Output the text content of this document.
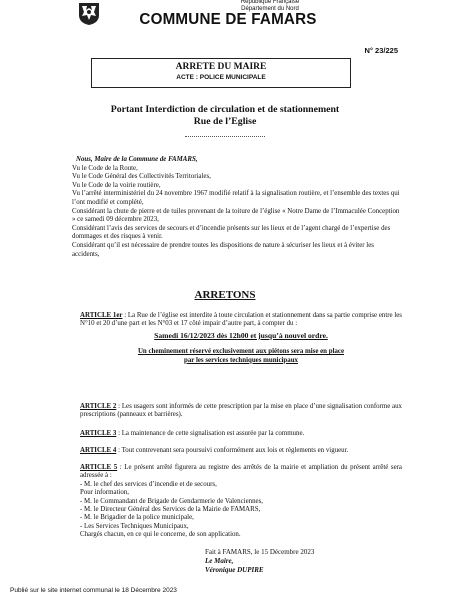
République Française
Département du Nord
COMMUNE DE FAMARS
N° 23/225
ARRETE DU MAIRE
ACTE : POLICE MUNICIPALE
Portant Interdiction de circulation et de stationnement
Rue de l’Eglise

Nous, Maire de la Commune de FAMARS,

Vu le Code de la Route,

Vu le Code Général des Collectivités Territoriales,

Vu le Code de la voirie routière,

Vu l’arrêté interministériel du 24 novembre 1967 modifié relatif à la signalisation routière, et l’ensemble des textes qui l’ont modifié et complété,

Considérant la chute de pierre et de tuiles provenant de la toiture de l’église « Notre Dame de l’Immaculée Conception » ce samedi 09 décembre 2023,

Considérant l’avis des services de secours et d’incendie présents sur les lieux et de l’agent chargé de l’expertise des dommages et des risques à venir.

Considérant qu’il est nécessaire de prendre toutes les dispositions de nature à sécuriser les lieux et à éviter les accidents,

ARRETONS
ARTICLE 1er : La Rue de l’église est interdite à toute circulation et stationnement dans sa partie comprise entre les N°10 et 20 d’une part et les N°03 et 17 côté impair d’autre part, à compter du :
Samedi 16/12/2023 dès 12h00 et jusqu’à nouvel ordre.
Un cheminement réservé exclusivement aux piétons sera mise en place
par les services techniques municipaux
ARTICLE 2 : Les usagers sont informés de cette prescription par la mise en place d’une signalisation conforme aux prescriptions (panneaux et barrières).
ARTICLE 3 : La maintenance de cette signalisation est assurée par la commune.
ARTICLE 4 : Tout contrevenant sera poursuivi conformément aux lois et règlements en vigueur.
ARTICLE 5 : Le présent arrêté figurera au registre des arrêtés de la mairie et ampliation du présent arrêté sera adressée à :
- M. le chef des services d’incendie et de secours,
Pour information,
- M. le Commandant de Brigade de Gendarmerie de Valenciennes,
- M. le Directeur Général des Services de la Mairie de FAMARS,
- M. le Brigadier de la police municipale,
- Les Services Techniques Municipaux,
Chargés chacun, en ce qui le concerne, de son application.
Fait à FAMARS, le 15 Décembre 2023
Le Maire,
Véronique DUPIRE
Publié sur le site internet communal le 18 Décembre 2023
